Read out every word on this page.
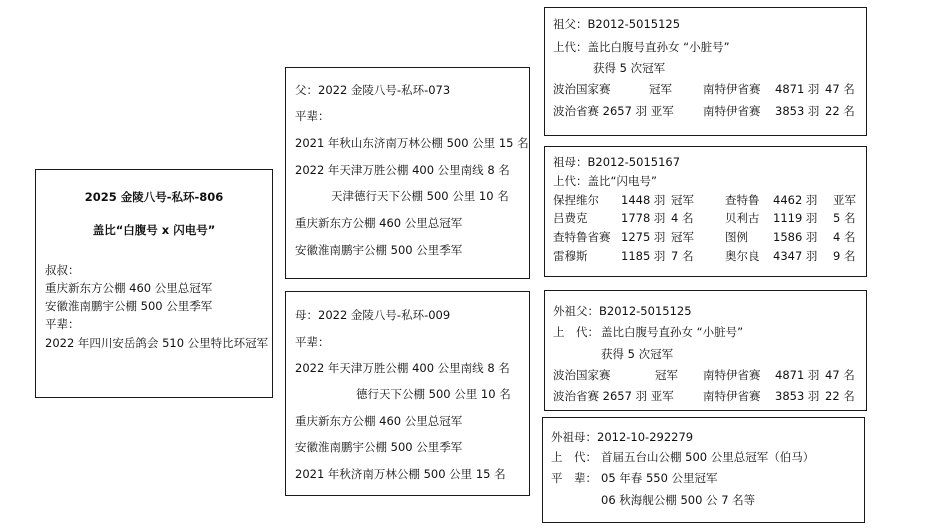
2025 金陵八号-私环-806
盖比“白腹号 x 闪电号”
叔叔：
重庆新东方公棚 460 公里总冠军
安徽淮南鹏宇公棚 500 公里季军
平辈：
2022 年四川安岳鸽会 510 公里特比环冠军
父：2022 金陵八号-私环-073
平辈：
2021 年秋山东济南万林公棚 500 公里 15 名
2022 年天津万胜公棚 400 公里南线 8 名
天津德行天下公棚 500 公里 10 名
重庆新东方公棚 460 公里总冠军
安徽淮南鹏宇公棚 500 公里季军
母：2022 金陵八号-私环-009
平辈：
2022 年天津万胜公棚 400 公里南线 8 名
德行天下公棚 500 公里 10 名
重庆新东方公棚 460 公里总冠军
安徽淮南鹏宇公棚 500 公里季军
2021 年秋济南万林公棚 500 公里 15 名
祖父：B2012-5015125
上代：盖比白腹号直孙女 “小脏号”
获得 5 次冠军
波治国家赛	冠军	南特伊省赛 4871 羽 47 名
波治省赛 2657 羽 亚军	南特伊省赛 3853 羽 22 名
祖母：B2012-5015167
上代：盖比“闪电号”
保捏维尔 1448 羽 冠军	查特鲁 4462 羽 亚军
吕费克	1778 羽 4 名	贝利古 1119 羽 5 名
查特鲁省赛 1275 羽 冠军	图例 1586 羽 4 名
雷穆斯	1185 羽 7 名	奥尔良 4347 羽 9 名
外祖父：B2012-5015125
上　代： 盖比白腹号直孙女 “小脏号”
获得 5 次冠军
波治国家赛	冠军 南特伊省赛 4871 羽 47 名
波治省赛 2657 羽 亚军	南特伊省赛 3853 羽 22 名
外祖母：2012-10-292279
上　代： 首届五台山公棚 500 公里总冠军（伯马）
平　辈： 05 年春 550 公里冠军
06 秋海舰公棚 500 公 7 名等
